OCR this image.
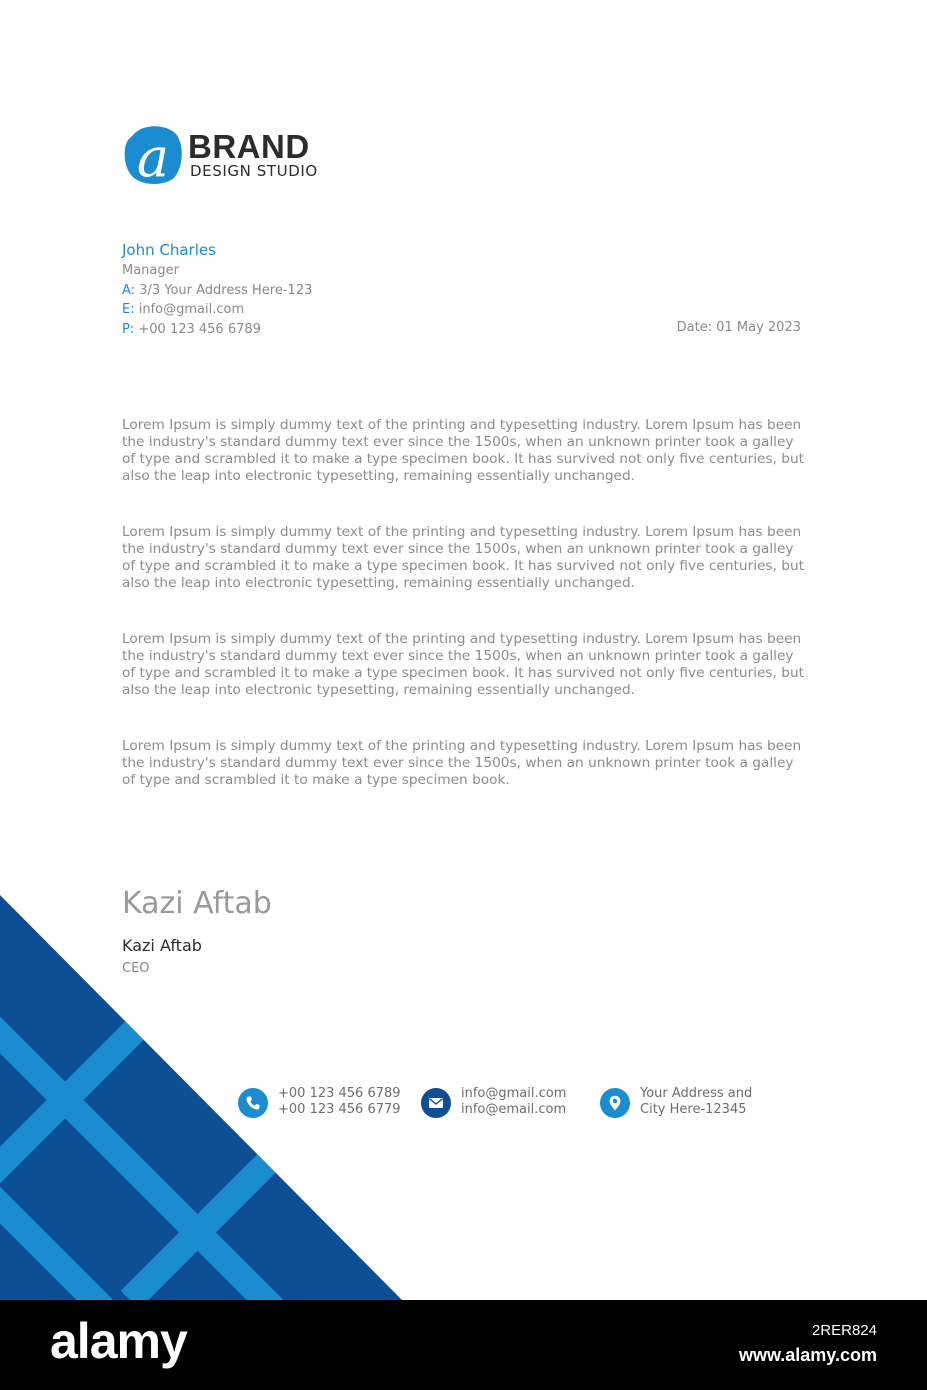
a BRAND
DESIGN STUDIO
John Charles
Manager
A: 3/3 Your Address Here-123
E: info@gmail.com
P: +00 123 456 6789	Date: 01 May 2023

Lorem Ipsum is simply dummy text of the printing and typesetting industry. Lorem Ipsum has been the industry's standard dummy text ever since the 1500s, when an unknown printer took a galley of type and scrambled it to make a type specimen book. It has survived not only five centuries, but also the leap into electronic typesetting, remaining essentially unchanged.

Lorem Ipsum is simply dummy text of the printing and typesetting industry. Lorem Ipsum has been the industry's standard dummy text ever since the 1500s, when an unknown printer took a galley of type and scrambled it to make a type specimen book. It has survived not only five centuries, but also the leap into electronic typesetting, remaining essentially unchanged.

Lorem Ipsum is simply dummy text of the printing and typesetting industry. Lorem Ipsum has been the industry's standard dummy text ever since the 1500s, when an unknown printer took a galley of type and scrambled it to make a type specimen book. It has survived not only five centuries, but also the leap into electronic typesetting, remaining essentially unchanged.

Lorem Ipsum is simply dummy text of the printing and typesetting industry. Lorem Ipsum has been the industry's standard dummy text ever since the 1500s, when an unknown printer took a galley of type and scrambled it to make a type specimen book.

Kazi Aftab
Kazi Aftab
CEO
+00 123 456 6789
+00 123 456 6779
info@gmail.com
info@email.com
Your Address and
City Here-12345
alamy	2RER824
www.alamy.com
